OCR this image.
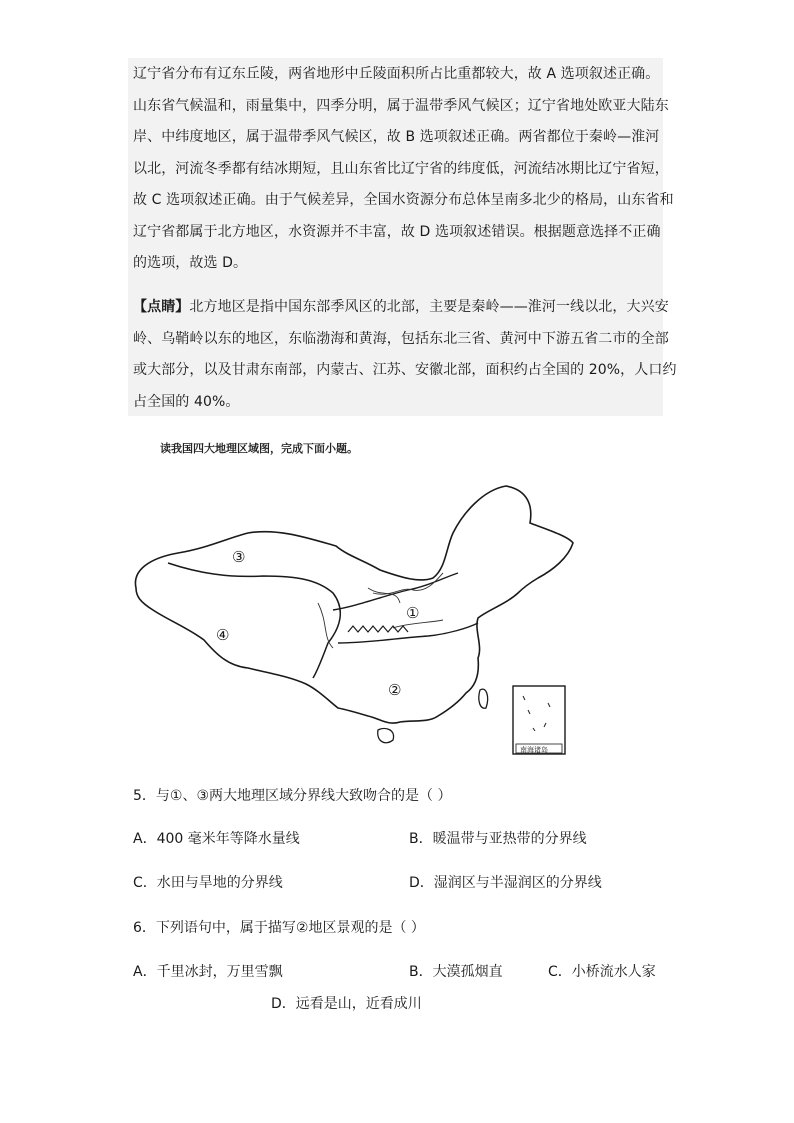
辽宁省分布有辽东丘陵，两省地形中丘陵面积所占比重都较大，故 A 选项叙述正确。
山东省气候温和，雨量集中，四季分明，属于温带季风气候区；辽宁省地处欧亚大陆东
岸、中纬度地区，属于温带季风气候区，故 B 选项叙述正确。两省都位于秦岭—淮河
以北，河流冬季都有结冰期短，且山东省比辽宁省的纬度低，河流结冰期比辽宁省短，
故 C 选项叙述正确。由于气候差异，全国水资源分布总体呈南多北少的格局，山东省和
辽宁省都属于北方地区，水资源并不丰富，故 D 选项叙述错误。根据题意选择不正确
的选项，故选 D。
【点睛】北方地区是指中国东部季风区的北部，主要是秦岭——淮河一线以北，大兴安
岭、乌鞘岭以东的地区，东临渤海和黄海，包括东北三省、黄河中下游五省二市的全部
或大部分，以及甘肃东南部，内蒙古、江苏、安徽北部，面积约占全国的 20%，人口约
占全国的 40%。
读我国四大地理区域图，完成下面小题。
③
①
④
②
南海诸岛
5．与①、③两大地理区域分界线大致吻合的是（ ）
A．400 毫米年等降水量线	B．暖温带与亚热带的分界线
C．水田与旱地的分界线	D．湿润区与半湿润区的分界线
6．下列语句中，属于描写②地区景观的是（ ）
A．千里冰封，万里雪飘	B．大漠孤烟直	C．小桥流水人家
D．远看是山，近看成川
